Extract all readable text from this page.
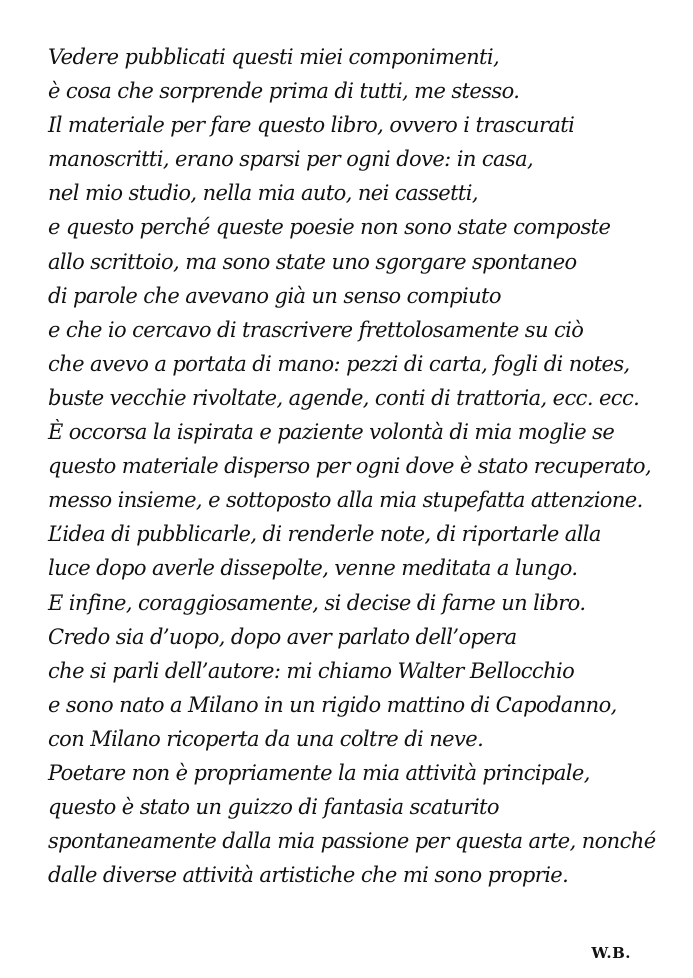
Vedere pubblicati questi miei componimenti,
è cosa che sorprende prima di tutti, me stesso.
Il materiale per fare questo libro, ovvero i trascurati
manoscritti, erano sparsi per ogni dove: in casa,
nel mio studio, nella mia auto, nei cassetti,
e questo perché queste poesie non sono state composte
allo scrittoio, ma sono state uno sgorgare spontaneo
di parole che avevano già un senso compiuto
e che io cercavo di trascrivere frettolosamente su ciò
che avevo a portata di mano: pezzi di carta, fogli di notes,
buste vecchie rivoltate, agende, conti di trattoria, ecc. ecc.
È occorsa la ispirata e paziente volontà di mia moglie se
questo materiale disperso per ogni dove è stato recuperato,
messo insieme, e sottoposto alla mia stupefatta attenzione.
L’idea di pubblicarle, di renderle note, di riportarle alla
luce dopo averle dissepolte, venne meditata a lungo.
E infine, coraggiosamente, si decise di farne un libro.
Credo sia d’uopo, dopo aver parlato dell’opera
che si parli dell’autore: mi chiamo Walter Bellocchio
e sono nato a Milano in un rigido mattino di Capodanno,
con Milano ricoperta da una coltre di neve.
Poetare non è propriamente la mia attività principale,
questo è stato un guizzo di fantasia scaturito
spontaneamente dalla mia passione per questa arte, nonché
dalle diverse attività artistiche che mi sono proprie.
W.B.
